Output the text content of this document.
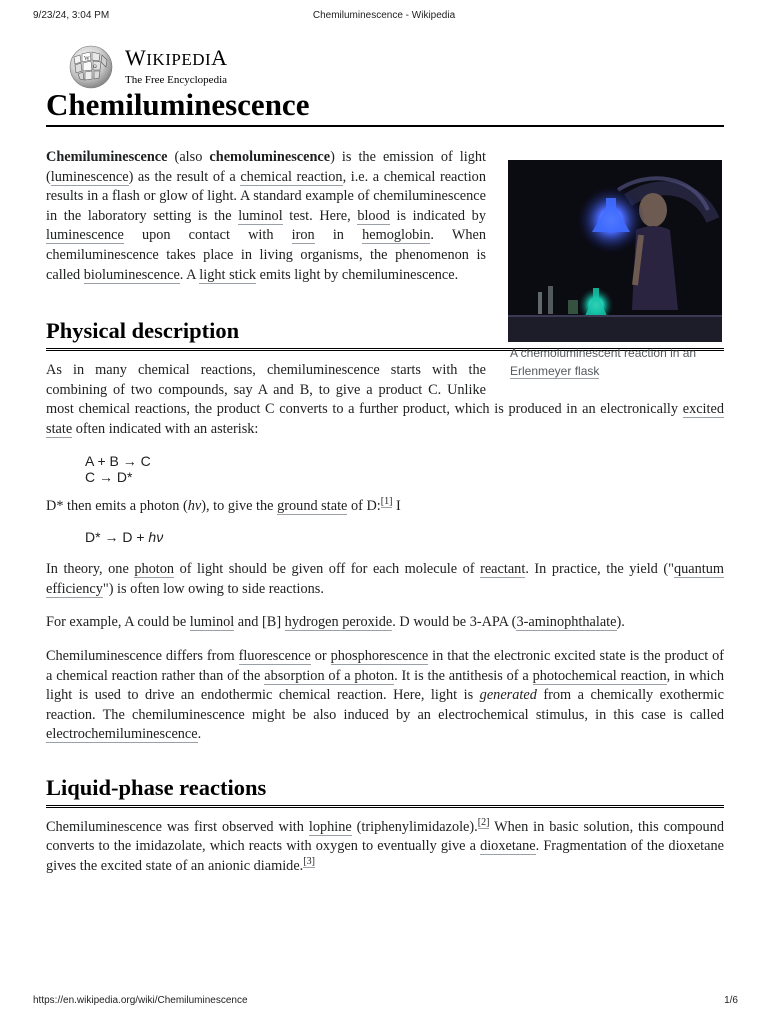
9/23/24, 3:04 PM	Chemiluminescence - Wikipedia
W
Ω WIKIPEDIA
The Free Encyclopedia
Chemiluminescence
A chemoluminescent reaction in an Erlenmeyer flask

Chemiluminescence (also chemoluminescence) is the emission of light (luminescence) as the result of a chemical reaction, i.e. a chemical reaction results in a flash or glow of light. A standard example of chemiluminescence in the laboratory setting is the luminol test. Here, blood is indicated by luminescence upon contact with iron in hemoglobin. When chemiluminescence takes place in living organisms, the phenomenon is called bioluminescence. A light stick emits light by chemiluminescence.

Physical description

As in many chemical reactions, chemiluminescence starts with the combining of two compounds, say A and B, to give a product C. Unlike most chemical reactions, the product C converts to a further product, which is produced in an electronically excited state often indicated with an asterisk:

A + B → C
C → D*

D* then emits a photon (hν), to give the ground state of D:[1] I

D* → D + hν

In theory, one photon of light should be given off for each molecule of reactant. In practice, the yield ("quantum efficiency") is often low owing to side reactions.

For example, A could be luminol and [B] hydrogen peroxide. D would be 3-APA (3-aminophthalate).

Chemiluminescence differs from fluorescence or phosphorescence in that the electronic excited state is the product of a chemical reaction rather than of the absorption of a photon. It is the antithesis of a photochemical reaction, in which light is used to drive an endothermic chemical reaction. Here, light is generated from a chemically exothermic reaction. The chemiluminescence might be also induced by an electrochemical stimulus, in this case is called electrochemiluminescence.

Liquid-phase reactions

Chemiluminescence was first observed with lophine (triphenylimidazole).[2] When in basic solution, this compound converts to the imidazolate, which reacts with oxygen to eventually give a dioxetane. Fragmentation of the dioxetane gives the excited state of an anionic diamide.[3]

https://en.wikipedia.org/wiki/Chemiluminescence	1/6
